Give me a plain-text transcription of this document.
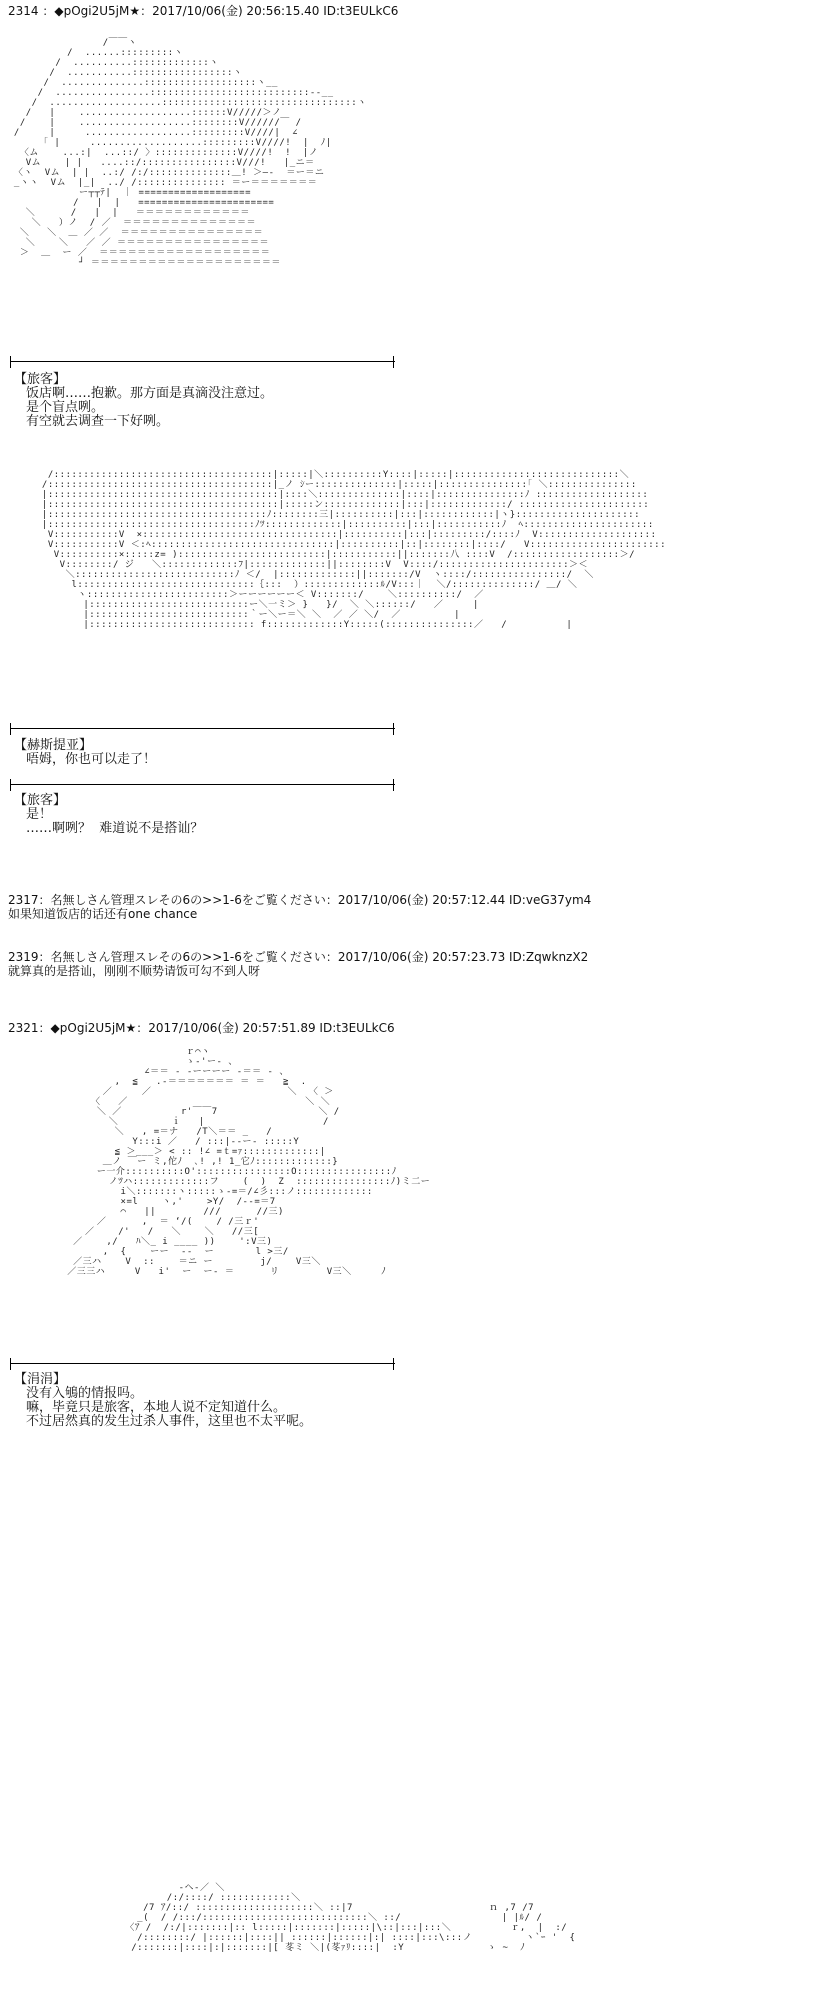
2314 ：◆pOgi2U5jM★：2017/10/06(金) 20:56:15.40 ID:t3EULkC6
/￣￣ヽ
/  ......:::::::::ヽ
/  ..........:::::::::::::ヽ
/  ...........:::::::::::::::::ヽ
/  ..............:::::::::::::::::::ヽ__
/  ................:::::::::::::::::::::::::::--__
/  ...................:::::::::::::::::::::::::::::::::ヽ
/   |    ...................::::::V/////＞ノ
/    |    ...................::::::::V//////￣ /
/     |     ..................:::::::::V////|  ∠
｢ |     ...................:::::::::V////!  |  ﾉ|
〈ム    ...:|  ...::/ 〉::::::::::::::V////!  !  |ノ
Vム    | |   ....::/::::::::::::::::V///!   |_ニ＝
〈ヽ  Vム  | |  ..:/ /:/::::::::::::::＿! ＞—‐  ＝ー＝ニ
_ヽヽ  Vム  |_|  ../ /::::::::::::::: ＝ー＝＝＝＝＝＝＝
ー┬┬ﾃ|  ｜ ===================
/   |  |   =======================
＼      /   |  |   ＝＝＝＝＝＝＝＝＝＝＝＝
＼   ）ノ  / ／  ＝＝＝＝＝＝＝＝＝＝＝＝＝＝
＼   ＼  ＿ ／ ／  ＝＝＝＝＝＝＝＝＝＝＝＝＝＝＝
＼    ＼   ／ ／ ＝＝＝＝＝＝＝＝＝＝＝＝＝＝＝＝
＞  ＿  ー ／  ＝＝＝＝＝＝＝＝＝＝＝＝＝＝＝＝＝＝
┘ ＝＝＝＝＝＝＝＝＝＝＝＝＝＝＝＝＝＝＝＝
【旅客】
饭店啊……抱歉。那方面是真滴没注意过。
是个盲点咧。
有空就去调查一下好咧。
/:::::::::::::::::::::::::::::::::::::|:::::|＼::::::::::Y::::|:::::|::::::::::::::::::::::::::::＼
/::::::::::::::::::::::::::::::::::::::|_ノ ｼー::::::::::::::|:::::|:::::::::::::::｢ ＼:::::::::::::::
|:::::::::::::::::::::::::::::::::::::::|::::＼::::::::::::::|::::|:::::::::::::::ﾉ :::::::::::::::::::
|:::::::::::::::::::::::::::::::::::::::|:::::ン:::::::::::::|:::|:::::::::::::/ ::::::::::::::::::::::
|:::::::::::::::::::::::::::::::::::::ﾉ::::::::三|::::::::::|:::|::::::::::::|ヽ}:::::::::::::::::::::
|:::::::::::::::::::::::::::::::::::ﾉﾂ:::::::::::::|::::::::::|:::|:::::::::::ﾉ  ﾍ::::::::::::::::::::::
V:::::::::::V  ×:::::::::::::::::::::::::::::::::|::::::::::|:::|:::::::::/::::ﾉ  V::::::::::::::::::::
V:::::::::::V ＜:ﾍ:::::::::::::::::::::::::::::::|::::::::::|::|::::::::|::::/   V:::::::::::::::::::::::
V::::::::::×:::::z= ):::::::::::::::::::::::::|:::::::::::||:::::::八 ::::V  /::::::::::::::::::＞/
V::::::::/ ジ   ＼:::::::::::::ﾌ|:::::::::::::||::::::::V  V::::/::::::::::::::::::::::＞＜
＼:::::::::::::::::::::::::::ﾉ ＜/  |:::::::::::::||:::::::/V  ヽ::::/::::::::::::::::/  ＼
l::::::::::::::::::::::::::::::｛:::  ）:::::::::::::ﾙ/V:::｜  ＼/::::::::::::::/ ＿/ ＼
ヽ::::::::::::::::::::::::＞ーーーーーー＜ V:::::::/    ＼::::::::::/  ／
|:::::::::::::::::::::::::::ー＼一ミ＞ }   }/  ＼ ＼::::::/   ／     |
|:::::::::::::::::::::::::::｀ー＼ー＝＼ ＼  ／ ／ ＼/  ／         |
|:::::::::::::::::::::::::::: f:::::::::::::Y:::::(:::::::::::::::／   /          |
【赫斯提亚】
唔姆，你也可以走了！
【旅客】
是！
……啊咧？  难道说不是搭讪？
2317：名無しさん管理スレその6の>>1-6をご覧ください：2017/10/06(金) 20:57:12.44 ID:veG37ym4
如果知道饭店的话还有one chance
2319：名無しさん管理スレその6の>>1-6をご覧ください：2017/10/06(金) 20:57:23.73 ID:ZqwknzX2
就算真的是搭讪，刚刚不顺势请饭可勾不到人呀
2321：◆pOgi2U5jM★：2017/10/06(金) 20:57:51.89 ID:t3EULkC6
ｒ⌒ヽ
ゝ-'ー- 、
∠＝＝ ‐ ‐ーーーー ‐＝＝ ‐ 、
,  ≦   .‐＝＝＝＝＝＝＝ ＝ ＝   ≧  .
／     ／                       ＼  〈 ＞
〈   ／                              ＼ ＼
＼ ／          r'￣￣7                 ＼ /
＼         ｉ   |                    /
＼   , =＝ナ   /T＼＝＝ _   /
Y:::i ／   / :::|‐‐ー‐ :::::Y
≦ ＞___＞ < :: !∠ =ｔ=ｧ:::::::::::::|
＿ノ ￣ー ミ,佗ﾉ  ､! ,! 1_它ﾉ:::::::::::::}
ー一介::::::::::O'::::::::::::::::O::::::::::::::::ﾉ
ノﾂハ:::::::::::::フ    (  )  Z  ::::::::::::::::ﾉ)ミ二ー
i＼:::::::ヽ:::::ゝ-=＝/∠彡:::ノ:::::::::::::
×=l    ヽ,'    >Y/  /‐‐=＝7
⌒   ||        ///      //三)
／      ,  ＝ ‘/(    / /三ｒ'
／    /'   /   ＼    ＼   //三[
／    ,/   ﾊ＼_ i ____ ))    ':V三)
,  {    ーー  ‐‐  ー       l >三/
／三ハ    V  ::    ＝ニ ー        j/    V三＼
／三三ハ     V   i'  ー  ー‐ ＝      リ        V三＼     ﾉ
【涓涓】
没有入鴝的情报吗。
嘛，毕竟只是旅客，本地人说不定知道什么。
不过居然真的发生过杀人事件，这里也不太平呢。
-ヘ-／ ＼
/:/::::/ ::::::::::::＼
/7 ｱ/::/ ::::::::::::::::::::＼ ::|7                       ｎ ,7 /7
_(  / /:::/::::::::::::::::::::::::::::＼ ::/                 | |ﾙ/ /
〈ｱ /  /:/|:::::::|:: l:::::|:::::::|:::::|\::|:::|:::＼          ｒ,  |  :/
/::::::::/ |::::::|::::|| ::::::|::::::|:| ::::|:::\:::ノ         ヽ`ｰ '  {
/:::::::|::::|:|:::::::|[ 苳ミ ＼|(苳ｧﾘ::::|  :Y              ゝ ~  ﾉ
